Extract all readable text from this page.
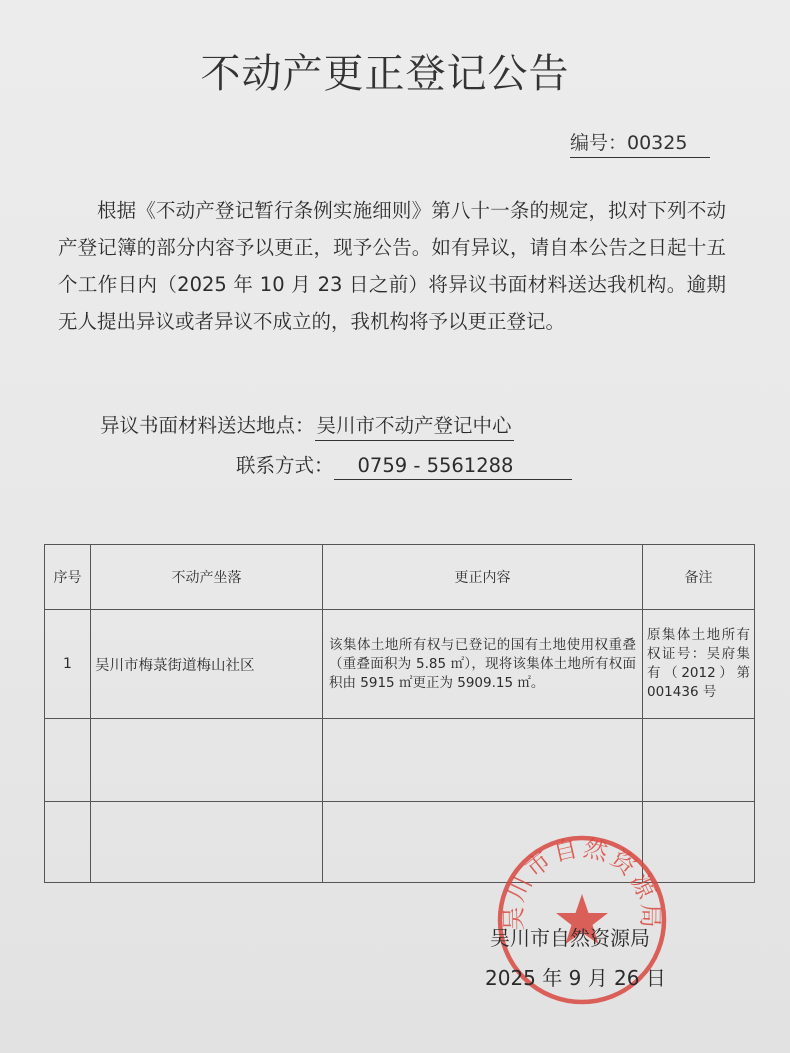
不动产更正登记公告
编号：00325
根据《不动产登记暂行条例实施细则》第八十一条的规定，拟对下列不动产登记簿的部分内容予以更正，现予公告。如有异议，请自本公告之日起十五个工作日内（2025 年 10 月 23 日之前）将异议书面材料送达我机构。逾期无人提出异议或者异议不成立的，我机构将予以更正登记。
异议书面材料送达地点： 吴川市不动产登记中心
联系方式： 0759 - 5561288
序号	不动产坐落	更正内容	备注
1	吴川市梅菉街道梅山社区	该集体土地所有权与已登记的国有土地使用权重叠（重叠面积为 5.85 ㎡），现将该集体土地所有权面积由 5915 ㎡更正为 5909.15 ㎡。	原集体土地所有权证号：吴府集有（2012）第 001436 号

吴川市自然资源局
吴川市自然资源局
2025 年 9 月 26 日
